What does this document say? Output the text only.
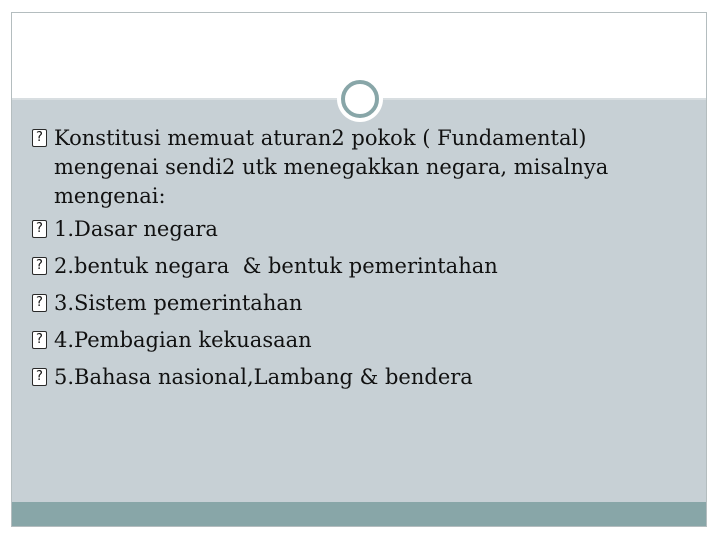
? Konstitusi memuat aturan2 pokok ( Fundamental) mengenai sendi2 utk menegakkan negara, misalnya mengenai:
? 1.Dasar negara
? 2.bentuk negara  & bentuk pemerintahan
? 3.Sistem pemerintahan
? 4.Pembagian kekuasaan
? 5.Bahasa nasional,Lambang & bendera
